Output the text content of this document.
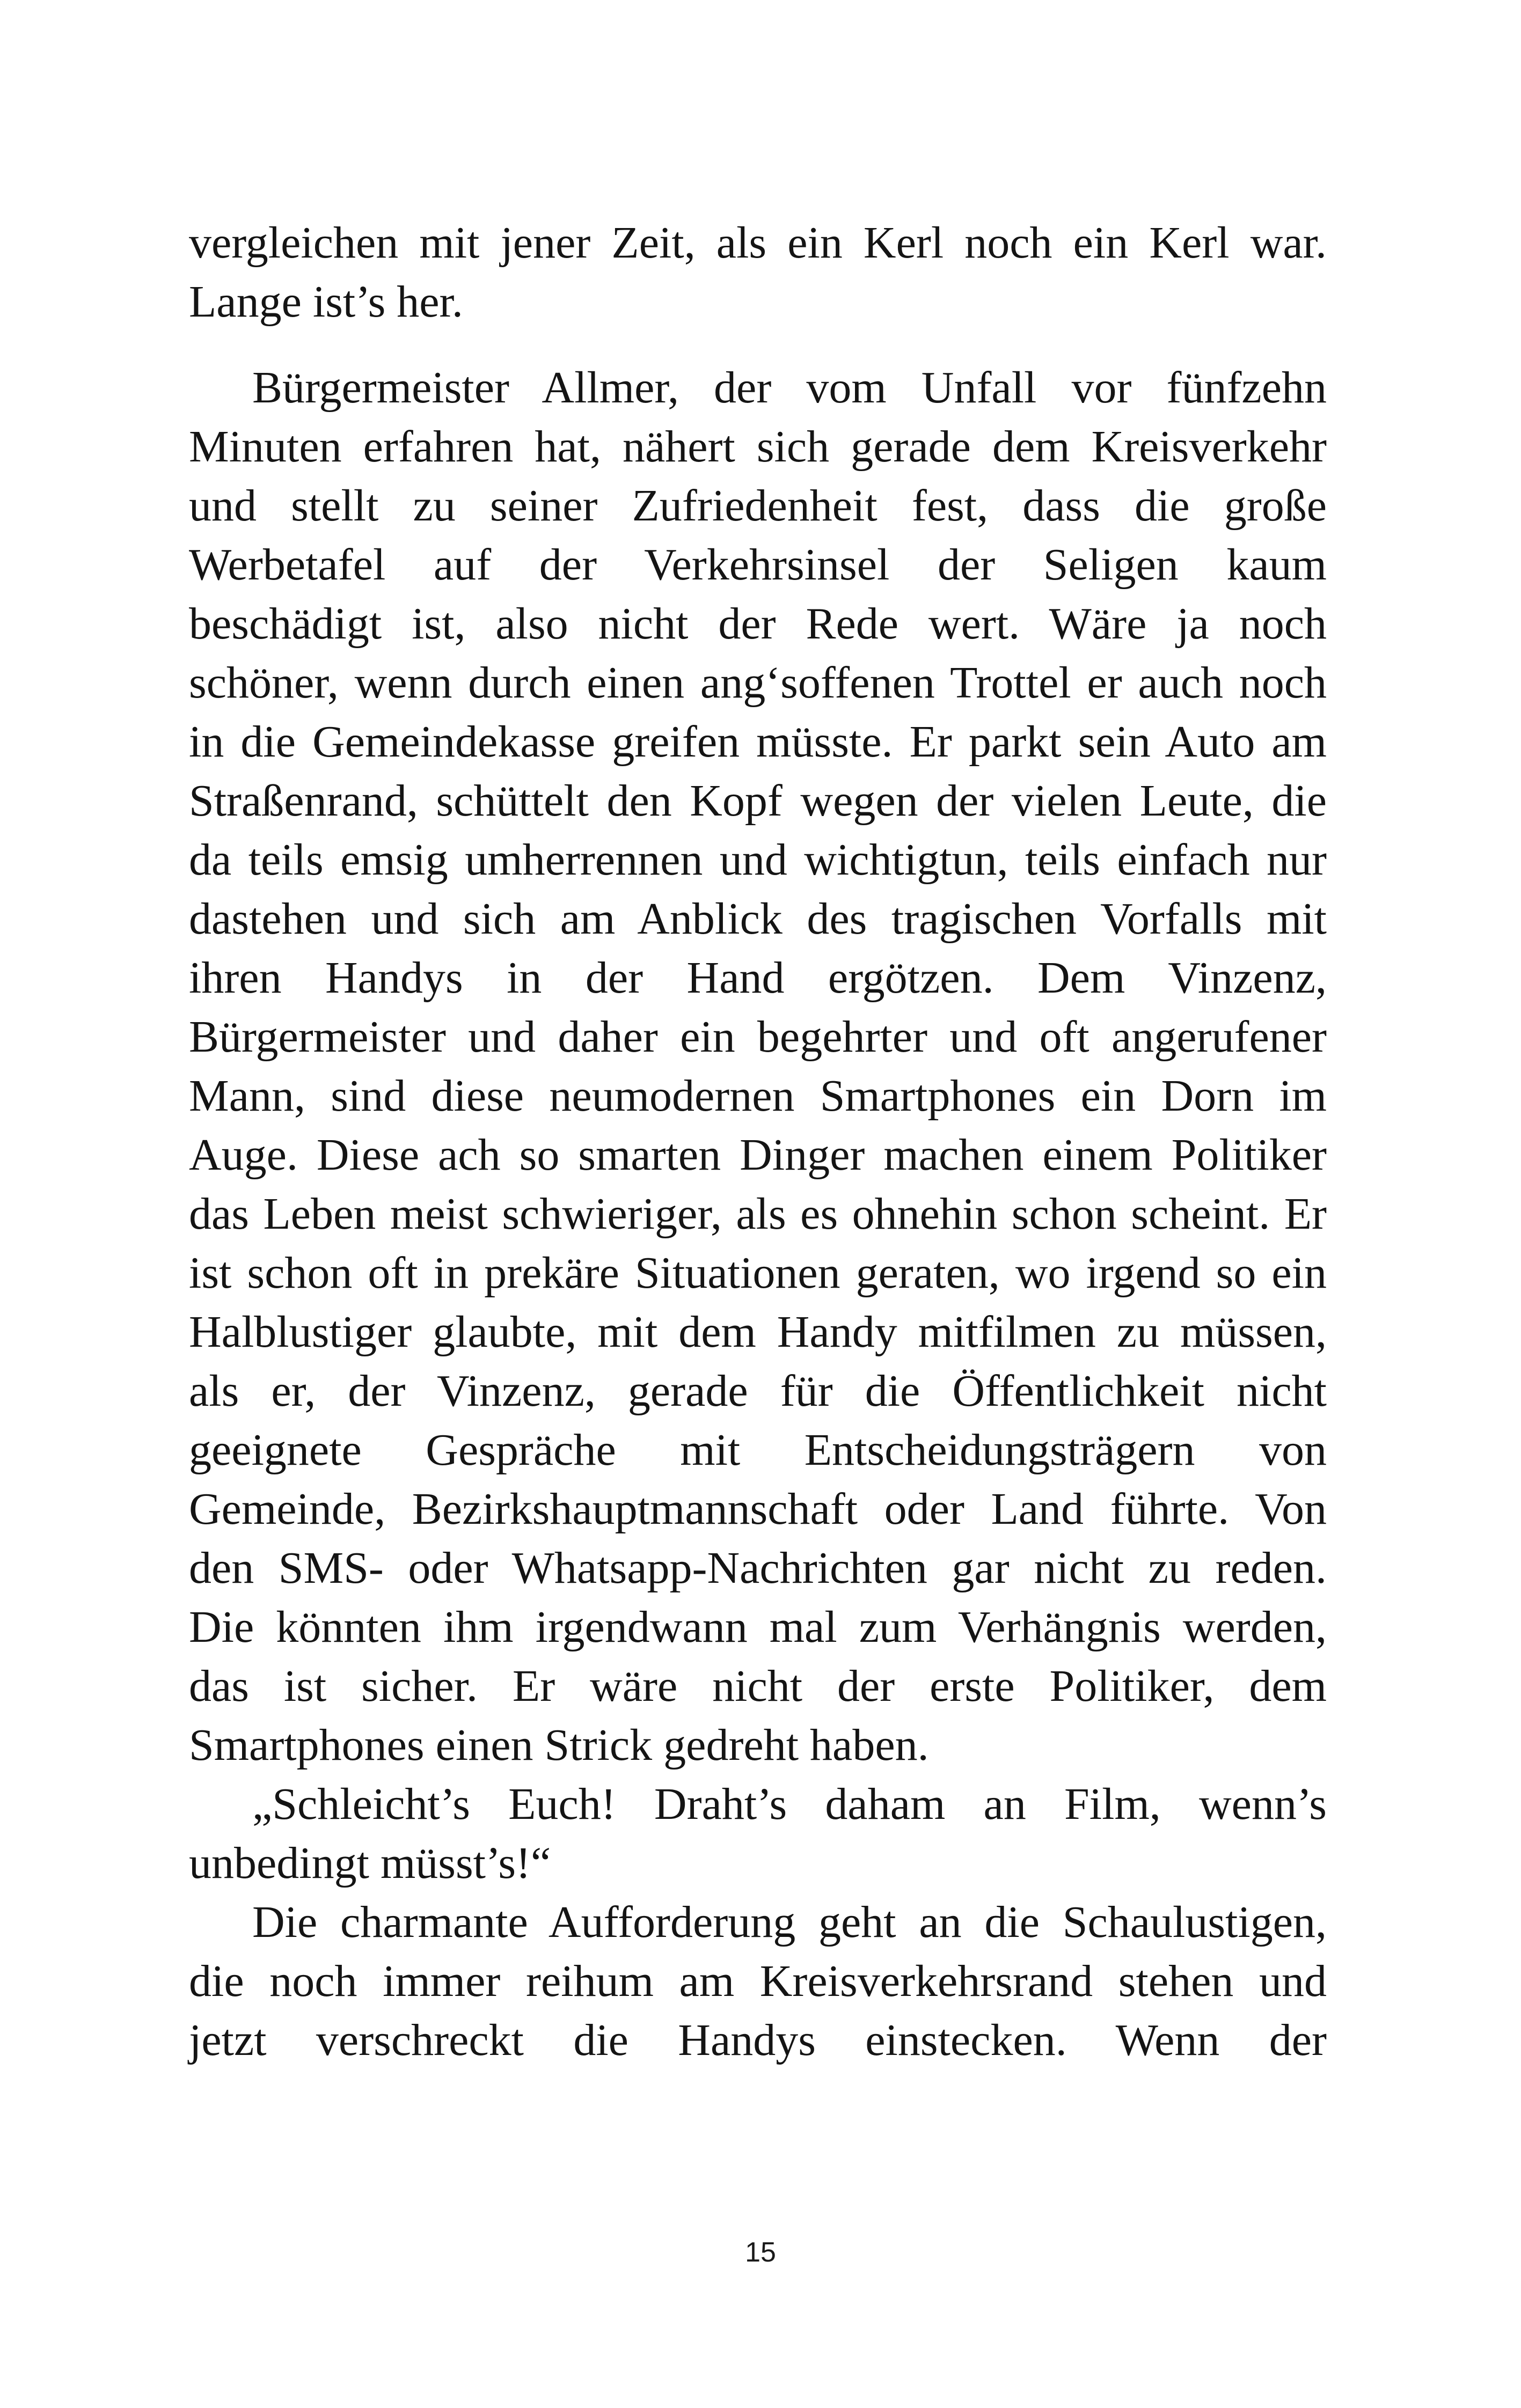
vergleichen mit jener Zeit, als ein Kerl noch ein Kerl war.
Lange ist’s her.
Bürgermeister Allmer, der vom Unfall vor fünfzehn
Minuten erfahren hat, nähert sich gerade dem Kreisverkehr
und stellt zu seiner Zufriedenheit fest, dass die große
Werbetafel auf der Verkehrsinsel der Seligen kaum
beschädigt ist, also nicht der Rede wert. Wäre ja noch
schöner, wenn durch einen ang‘soffenen Trottel er auch noch
in die Gemeindekasse greifen müsste. Er parkt sein Auto am
Straßenrand, schüttelt den Kopf wegen der vielen Leute, die
da teils emsig umherrennen und wichtigtun, teils einfach nur
dastehen und sich am Anblick des tragischen Vorfalls mit
ihren Handys in der Hand ergötzen. Dem Vinzenz,
Bürgermeister und daher ein begehrter und oft angerufener
Mann, sind diese neumodernen Smartphones ein Dorn im
Auge. Diese ach so smarten Dinger machen einem Politiker
das Leben meist schwieriger, als es ohnehin schon scheint. Er
ist schon oft in prekäre Situationen geraten, wo irgend so ein
Halblustiger glaubte, mit dem Handy mitfilmen zu müssen,
als er, der Vinzenz, gerade für die Öffentlichkeit nicht
geeignete Gespräche mit Entscheidungsträgern von
Gemeinde, Bezirkshauptmannschaft oder Land führte. Von
den SMS- oder Whatsapp-Nachrichten gar nicht zu reden.
Die könnten ihm irgendwann mal zum Verhängnis werden,
das ist sicher. Er wäre nicht der erste Politiker, dem
Smartphones einen Strick gedreht haben.
„Schleicht’s Euch! Draht’s daham an Film, wenn’s
unbedingt müsst’s!“
Die charmante Aufforderung geht an die Schaulustigen,
die noch immer reihum am Kreisverkehrsrand stehen und
jetzt verschreckt die Handys einstecken. Wenn der
15
